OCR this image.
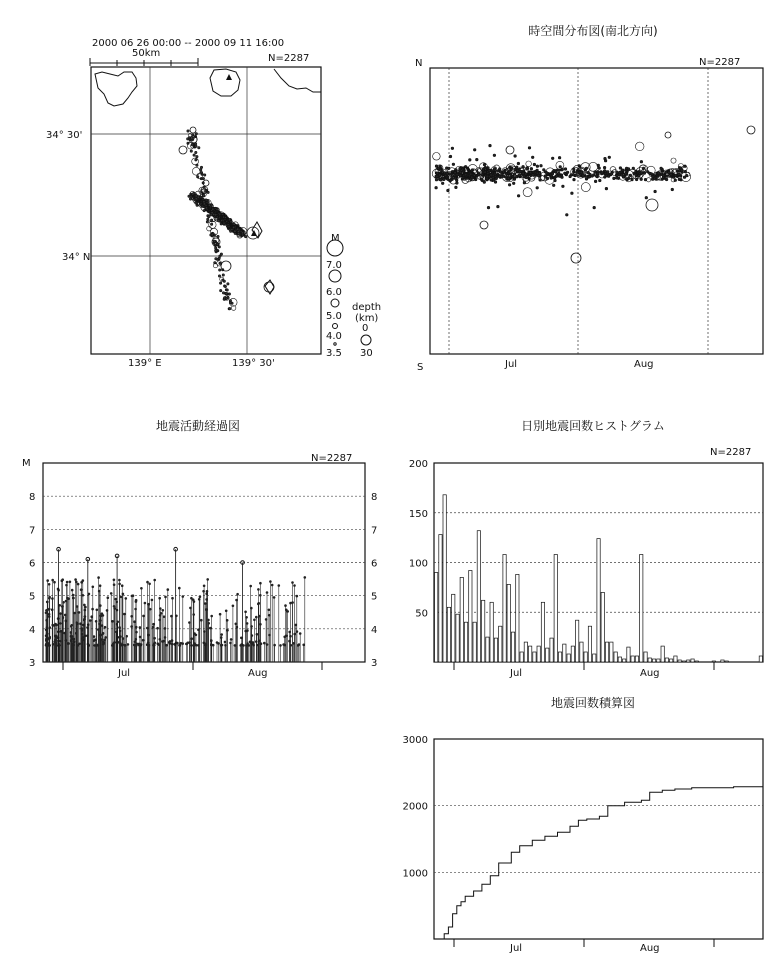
2000 06 26 00:00 -- 2000 09 11 16:00
50km	N=2287
34° 30'
34° N
139° E	139° 30'
M
7.0
6.0
5.0
4.0
3.5
depth
(km)
0
30
時空間分布図(南北方向)
N=2287
N
S	Jul	Aug
地震活動経過図
N=2287
M
8	8
7	7
6	6
5	5
4	4
3	3
Jul	Aug
日別地震回数ヒストグラム
N=2287
200
150
100
50
Jul	Aug
地震回数積算図
3000
2000
1000
Jul	Aug
